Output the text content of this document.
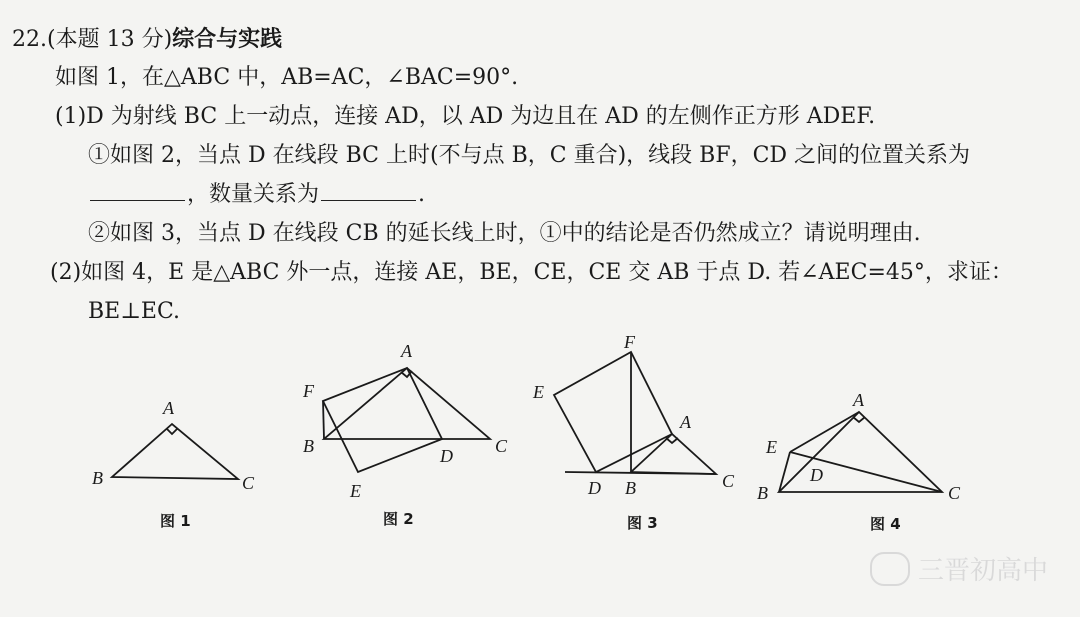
22.(本题 13 分)综合与实践
如图 1，在△ABC 中，AB=AC，∠BAC=90°.
(1)D 为射线 BC 上一动点，连接 AD，以 AD 为边且在 AD 的左侧作正方形 ADEF.
①如图 2，当点 D 在线段 BC 上时(不与点 B，C 重合)，线段 BF，CD 之间的位置关系为
，数量关系为	.
②如图 3，当点 D 在线段 CB 的延长线上时，①中的结论是否仍然成立？请说明理由.
(2)如图 4，E 是△ABC 外一点，连接 AE，BE，CE，CE 交 AB 于点 D. 若∠AEC=45°，求证：
BE⊥EC.
A
B	C
图 1
A
F
B	D C
E
图 2
F
E
A
D B	C
图 3
A
E
D
B	C
图 4
三晋初高中
